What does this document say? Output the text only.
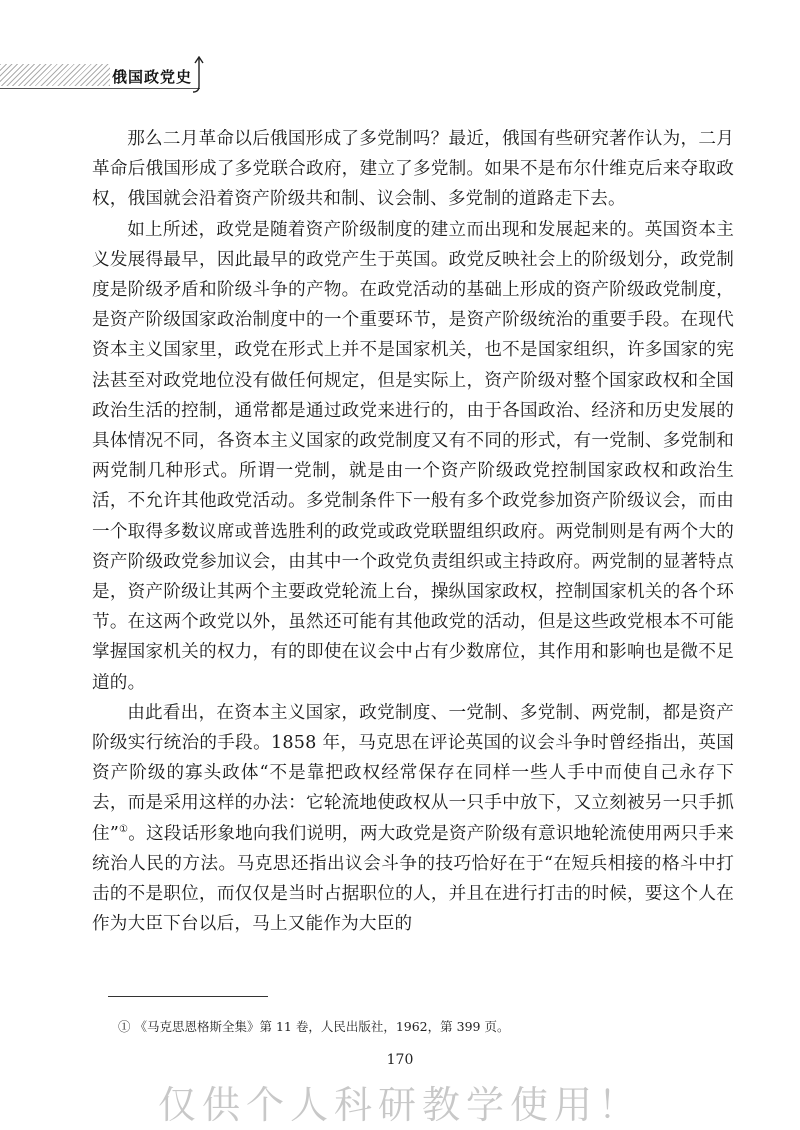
俄国政党史

那么二月革命以后俄国形成了多党制吗？最近，俄国有些研究著作认为，二月革命后俄国形成了多党联合政府，建立了多党制。如果不是布尔什维克后来夺取政权，俄国就会沿着资产阶级共和制、议会制、多党制的道路走下去。

如上所述，政党是随着资产阶级制度的建立而出现和发展起来的。英国资本主义发展得最早，因此最早的政党产生于英国。政党反映社会上的阶级划分，政党制度是阶级矛盾和阶级斗争的产物。在政党活动的基础上形成的资产阶级政党制度，是资产阶级国家政治制度中的一个重要环节，是资产阶级统治的重要手段。在现代资本主义国家里，政党在形式上并不是国家机关，也不是国家组织，许多国家的宪法甚至对政党地位没有做任何规定，但是实际上，资产阶级对整个国家政权和全国政治生活的控制，通常都是通过政党来进行的，由于各国政治、经济和历史发展的具体情况不同，各资本主义国家的政党制度又有不同的形式，有一党制、多党制和两党制几种形式。所谓一党制，就是由一个资产阶级政党控制国家政权和政治生活，不允许其他政党活动。多党制条件下一般有多个政党参加资产阶级议会，而由一个取得多数议席或普选胜利的政党或政党联盟组织政府。两党制则是有两个大的资产阶级政党参加议会，由其中一个政党负责组织或主持政府。两党制的显著特点是，资产阶级让其两个主要政党轮流上台，操纵国家政权，控制国家机关的各个环节。在这两个政党以外，虽然还可能有其他政党的活动，但是这些政党根本不可能掌握国家机关的权力，有的即使在议会中占有少数席位，其作用和影响也是微不足道的。

由此看出，在资本主义国家，政党制度、一党制、多党制、两党制，都是资产阶级实行统治的手段。1858 年，马克思在评论英国的议会斗争时曾经指出，英国资产阶级的寡头政体“不是靠把政权经常保存在同样一些人手中而使自己永存下去，而是采用这样的办法：它轮流地使政权从一只手中放下，又立刻被另一只手抓住”①。这段话形象地向我们说明，两大政党是资产阶级有意识地轮流使用两只手来统治人民的方法。马克思还指出议会斗争的技巧恰好在于“在短兵相接的格斗中打击的不是职位，而仅仅是当时占据职位的人，并且在进行打击的时候，要这个人在作为大臣下台以后，马上又能作为大臣的

① 《马克思恩格斯全集》第 11 卷，人民出版社，1962，第 399 页。
170
仅供个人科研教学使用！
